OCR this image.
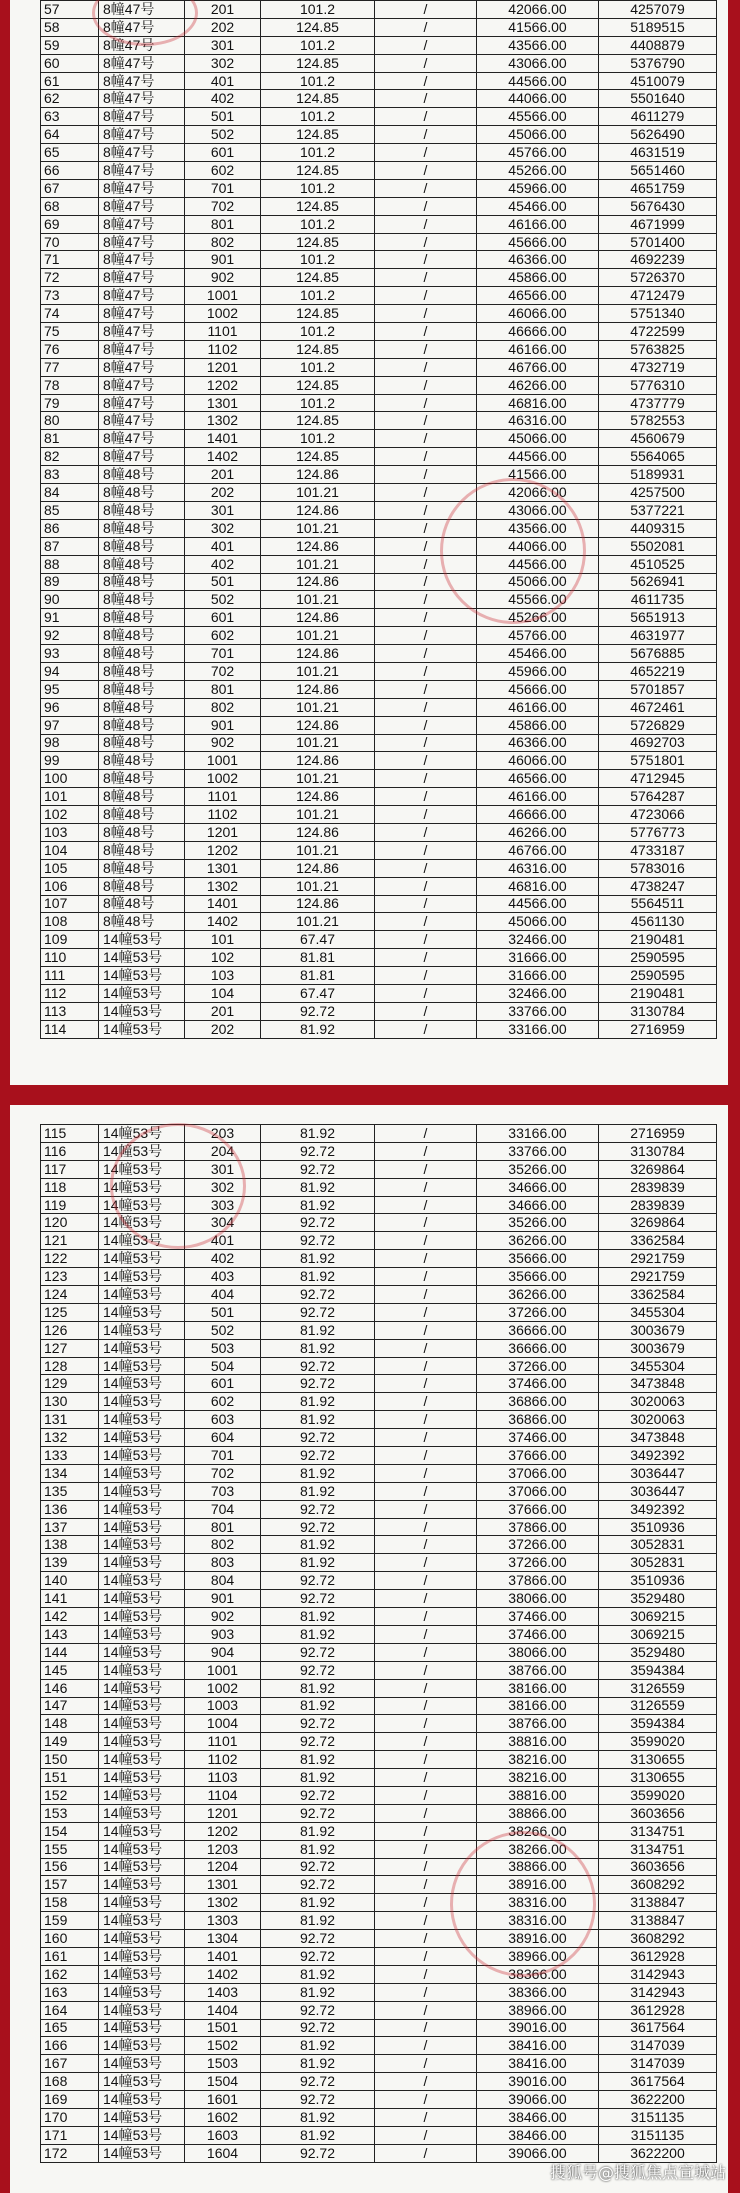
57	8幢47号	201	101.2	/	42066.00	4257079
58	8幢47号	202	124.85	/	41566.00	5189515
59	8幢47号	301	101.2	/	43566.00	4408879
60	8幢47号	302	124.85	/	43066.00	5376790
61	8幢47号	401	101.2	/	44566.00	4510079
62	8幢47号	402	124.85	/	44066.00	5501640
63	8幢47号	501	101.2	/	45566.00	4611279
64	8幢47号	502	124.85	/	45066.00	5626490
65	8幢47号	601	101.2	/	45766.00	4631519
66	8幢47号	602	124.85	/	45266.00	5651460
67	8幢47号	701	101.2	/	45966.00	4651759
68	8幢47号	702	124.85	/	45466.00	5676430
69	8幢47号	801	101.2	/	46166.00	4671999
70	8幢47号	802	124.85	/	45666.00	5701400
71	8幢47号	901	101.2	/	46366.00	4692239
72	8幢47号	902	124.85	/	45866.00	5726370
73	8幢47号	1001	101.2	/	46566.00	4712479
74	8幢47号	1002	124.85	/	46066.00	5751340
75	8幢47号	1101	101.2	/	46666.00	4722599
76	8幢47号	1102	124.85	/	46166.00	5763825
77	8幢47号	1201	101.2	/	46766.00	4732719
78	8幢47号	1202	124.85	/	46266.00	5776310
79	8幢47号	1301	101.2	/	46816.00	4737779
80	8幢47号	1302	124.85	/	46316.00	5782553
81	8幢47号	1401	101.2	/	45066.00	4560679
82	8幢47号	1402	124.85	/	44566.00	5564065
83	8幢48号	201	124.86	/	41566.00	5189931
84	8幢48号	202	101.21	/	42066.00	4257500
85	8幢48号	301	124.86	/	43066.00	5377221
86	8幢48号	302	101.21	/	43566.00	4409315
87	8幢48号	401	124.86	/	44066.00	5502081
88	8幢48号	402	101.21	/	44566.00	4510525
89	8幢48号	501	124.86	/	45066.00	5626941
90	8幢48号	502	101.21	/	45566.00	4611735
91	8幢48号	601	124.86	/	45266.00	5651913
92	8幢48号	602	101.21	/	45766.00	4631977
93	8幢48号	701	124.86	/	45466.00	5676885
94	8幢48号	702	101.21	/	45966.00	4652219
95	8幢48号	801	124.86	/	45666.00	5701857
96	8幢48号	802	101.21	/	46166.00	4672461
97	8幢48号	901	124.86	/	45866.00	5726829
98	8幢48号	902	101.21	/	46366.00	4692703
99	8幢48号	1001	124.86	/	46066.00	5751801
100	8幢48号	1002	101.21	/	46566.00	4712945
101	8幢48号	1101	124.86	/	46166.00	5764287
102	8幢48号	1102	101.21	/	46666.00	4723066
103	8幢48号	1201	124.86	/	46266.00	5776773
104	8幢48号	1202	101.21	/	46766.00	4733187
105	8幢48号	1301	124.86	/	46316.00	5783016
106	8幢48号	1302	101.21	/	46816.00	4738247
107	8幢48号	1401	124.86	/	44566.00	5564511
108	8幢48号	1402	101.21	/	45066.00	4561130
109	14幢53号	101	67.47	/	32466.00	2190481
110	14幢53号	102	81.81	/	31666.00	2590595
111	14幢53号	103	81.81	/	31666.00	2590595
112	14幢53号	104	67.47	/	32466.00	2190481
113	14幢53号	201	92.72	/	33766.00	3130784
114	14幢53号	202	81.92	/	33166.00	2716959
115	14幢53号	203	81.92	/	33166.00	2716959
116	14幢53号	204	92.72	/	33766.00	3130784
117	14幢53号	301	92.72	/	35266.00	3269864
118	14幢53号	302	81.92	/	34666.00	2839839
119	14幢53号	303	81.92	/	34666.00	2839839
120	14幢53号	304	92.72	/	35266.00	3269864
121	14幢53号	401	92.72	/	36266.00	3362584
122	14幢53号	402	81.92	/	35666.00	2921759
123	14幢53号	403	81.92	/	35666.00	2921759
124	14幢53号	404	92.72	/	36266.00	3362584
125	14幢53号	501	92.72	/	37266.00	3455304
126	14幢53号	502	81.92	/	36666.00	3003679
127	14幢53号	503	81.92	/	36666.00	3003679
128	14幢53号	504	92.72	/	37266.00	3455304
129	14幢53号	601	92.72	/	37466.00	3473848
130	14幢53号	602	81.92	/	36866.00	3020063
131	14幢53号	603	81.92	/	36866.00	3020063
132	14幢53号	604	92.72	/	37466.00	3473848
133	14幢53号	701	92.72	/	37666.00	3492392
134	14幢53号	702	81.92	/	37066.00	3036447
135	14幢53号	703	81.92	/	37066.00	3036447
136	14幢53号	704	92.72	/	37666.00	3492392
137	14幢53号	801	92.72	/	37866.00	3510936
138	14幢53号	802	81.92	/	37266.00	3052831
139	14幢53号	803	81.92	/	37266.00	3052831
140	14幢53号	804	92.72	/	37866.00	3510936
141	14幢53号	901	92.72	/	38066.00	3529480
142	14幢53号	902	81.92	/	37466.00	3069215
143	14幢53号	903	81.92	/	37466.00	3069215
144	14幢53号	904	92.72	/	38066.00	3529480
145	14幢53号	1001	92.72	/	38766.00	3594384
146	14幢53号	1002	81.92	/	38166.00	3126559
147	14幢53号	1003	81.92	/	38166.00	3126559
148	14幢53号	1004	92.72	/	38766.00	3594384
149	14幢53号	1101	92.72	/	38816.00	3599020
150	14幢53号	1102	81.92	/	38216.00	3130655
151	14幢53号	1103	81.92	/	38216.00	3130655
152	14幢53号	1104	92.72	/	38816.00	3599020
153	14幢53号	1201	92.72	/	38866.00	3603656
154	14幢53号	1202	81.92	/	38266.00	3134751
155	14幢53号	1203	81.92	/	38266.00	3134751
156	14幢53号	1204	92.72	/	38866.00	3603656
157	14幢53号	1301	92.72	/	38916.00	3608292
158	14幢53号	1302	81.92	/	38316.00	3138847
159	14幢53号	1303	81.92	/	38316.00	3138847
160	14幢53号	1304	92.72	/	38916.00	3608292
161	14幢53号	1401	92.72	/	38966.00	3612928
162	14幢53号	1402	81.92	/	38366.00	3142943
163	14幢53号	1403	81.92	/	38366.00	3142943
164	14幢53号	1404	92.72	/	38966.00	3612928
165	14幢53号	1501	92.72	/	39016.00	3617564
166	14幢53号	1502	81.92	/	38416.00	3147039
167	14幢53号	1503	81.92	/	38416.00	3147039
168	14幢53号	1504	92.72	/	39016.00	3617564
169	14幢53号	1601	92.72	/	39066.00	3622200
170	14幢53号	1602	81.92	/	38466.00	3151135
171	14幢53号	1603	81.92	/	38466.00	3151135
172	14幢53号	1604	92.72	/	39066.00	3622200
搜狐号@搜狐焦点宣城站
